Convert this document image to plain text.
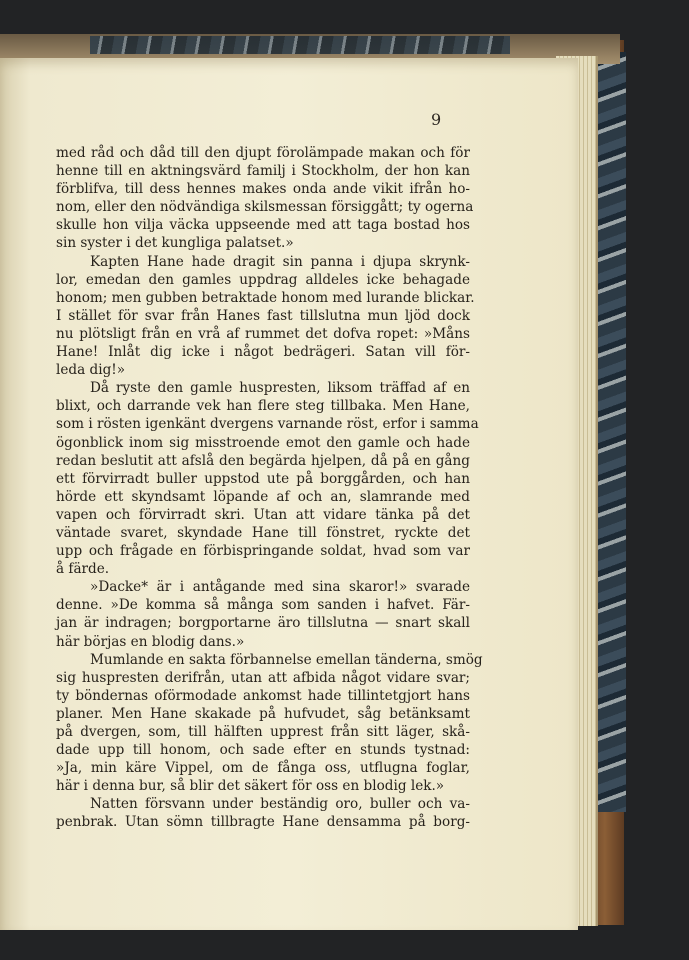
9
med råd och dåd till den djupt förolämpade makan och för
henne till en aktningsvärd familj i Stockholm, der hon kan
förblifva, till dess hennes makes onda ande vikit ifrån ho-
nom, eller den nödvändiga skilsmessan försiggått; ty ogerna
skulle hon vilja väcka uppseende med att taga bostad hos
sin syster i det kungliga palatset.»
Kapten Hane hade dragit sin panna i djupa skrynk-
lor, emedan den gamles uppdrag alldeles icke behagade
honom; men gubben betraktade honom med lurande blickar.
I stället för svar från Hanes fast tillslutna mun ljöd dock
nu plötsligt från en vrå af rummet det dofva ropet: »Måns
Hane! Inlåt dig icke i något bedrägeri. Satan vill för-
leda dig!»
Då ryste den gamle huspresten, liksom träffad af en
blixt, och darrande vek han flere steg tillbaka. Men Hane,
som i rösten igenkänt dvergens varnande röst, erfor i samma
ögonblick inom sig misstroende emot den gamle och hade
redan beslutit att afslå den begärda hjelpen, då på en gång
ett förvirradt buller uppstod ute på borggården, och han
hörde ett skyndsamt löpande af och an, slamrande med
vapen och förvirradt skri. Utan att vidare tänka på det
väntade svaret, skyndade Hane till fönstret, ryckte det
upp och frågade en förbispringande soldat, hvad som var
å färde.
»Dacke* är i antågande med sina skaror!» svarade
denne. »De komma så många som sanden i hafvet. Fär-
jan är indragen; borgportarne äro tillslutna — snart skall
här börjas en blodig dans.»
Mumlande en sakta förbannelse emellan tänderna, smög
sig huspresten derifrån, utan att afbida något vidare svar;
ty böndernas oförmodade ankomst hade tillintetgjort hans
planer. Men Hane skakade på hufvudet, såg betänksamt
på dvergen, som, till hälften upprest från sitt läger, skå-
dade upp till honom, och sade efter en stunds tystnad:
»Ja, min käre Vippel, om de fånga oss, utflugna foglar,
här i denna bur, så blir det säkert för oss en blodig lek.»
Natten försvann under beständig oro, buller och va-
penbrak. Utan sömn tillbragte Hane densamma på borg-
